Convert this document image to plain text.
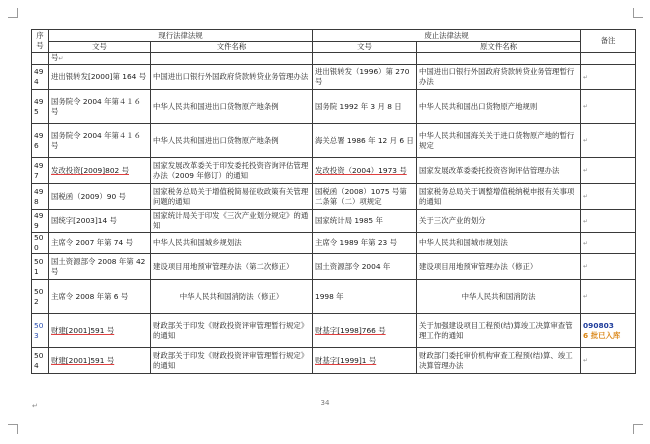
序号	现行法律法规		废止法律法规		备注
	文号	文件名称	文号	原文件名称	
	号↵				
494	进出银转发[2000]第 164 号	中国进出口银行外国政府贷款转贷业务管理办法	进出银转发（1996）第 270 号	中国进出口银行外国政府贷款转贷业务管理暂行办法	↵
495	国务院令 2004 年第４１６号	中华人民共和国进出口货物原产地条例	国务院 1992 年 3 月 8 日	中华人民共和国出口货物原产地规则	↵
496	国务院令 2004 年第４１６号	中华人民共和国进出口货物原产地条例	海关总署 1986 年 12 月 6 日	中华人民共和国海关关于进口货物原产地的暂行规定	↵
497	发改投资[2009]802 号	国家发展改革委关于印发委托投资咨询评估管理办法（2009 年修订）的通知	发改投资（2004）1973 号	国家发展改革委委托投资咨询评估管理办法	↵
498	国税函（2009）90 号	国家税务总局关于增值税简易征收政策有关管理问题的通知	国税函（2008）1075 号第二条第（二）项规定	国家税务总局关于调整增值税纳税申报有关事项的通知	↵
499	国统字[2003]14 号	国家统计局关于印发《三次产业划分规定》的通知	国家统计局 1985 年	关于三次产业的划分	↵
500	主席令 2007 年第 74 号	中华人民共和国城乡规划法	主席令 1989 年第 23 号	中华人民共和国城市规划法	↵
501	国土资源部令 2008 年第 42 号	建设项目用地预审管理办法（第二次修正）	国土资源部令 2004 年	建设项目用地预审管理办法（修正）	↵
502	主席令 2008 年第 6 号	中华人民共和国消防法（修正）	1998 年	中华人民共和国消防法	↵
503	财建[2001]591 号	财政部关于印发《财政投资评审管理暂行规定》的通知	财基字[1998]766 号	关于加强建设项目工程预(结)算竣工决算审查管理工作的通知	090803
6 批已入库

504	财建[2001]591 号	财政部关于印发《财政投资评审管理暂行规定》的通知	财基字[1999]1 号	财政部门委托审价机构审查工程预(结)算、竣工决算管理办法	↵
↵	34
